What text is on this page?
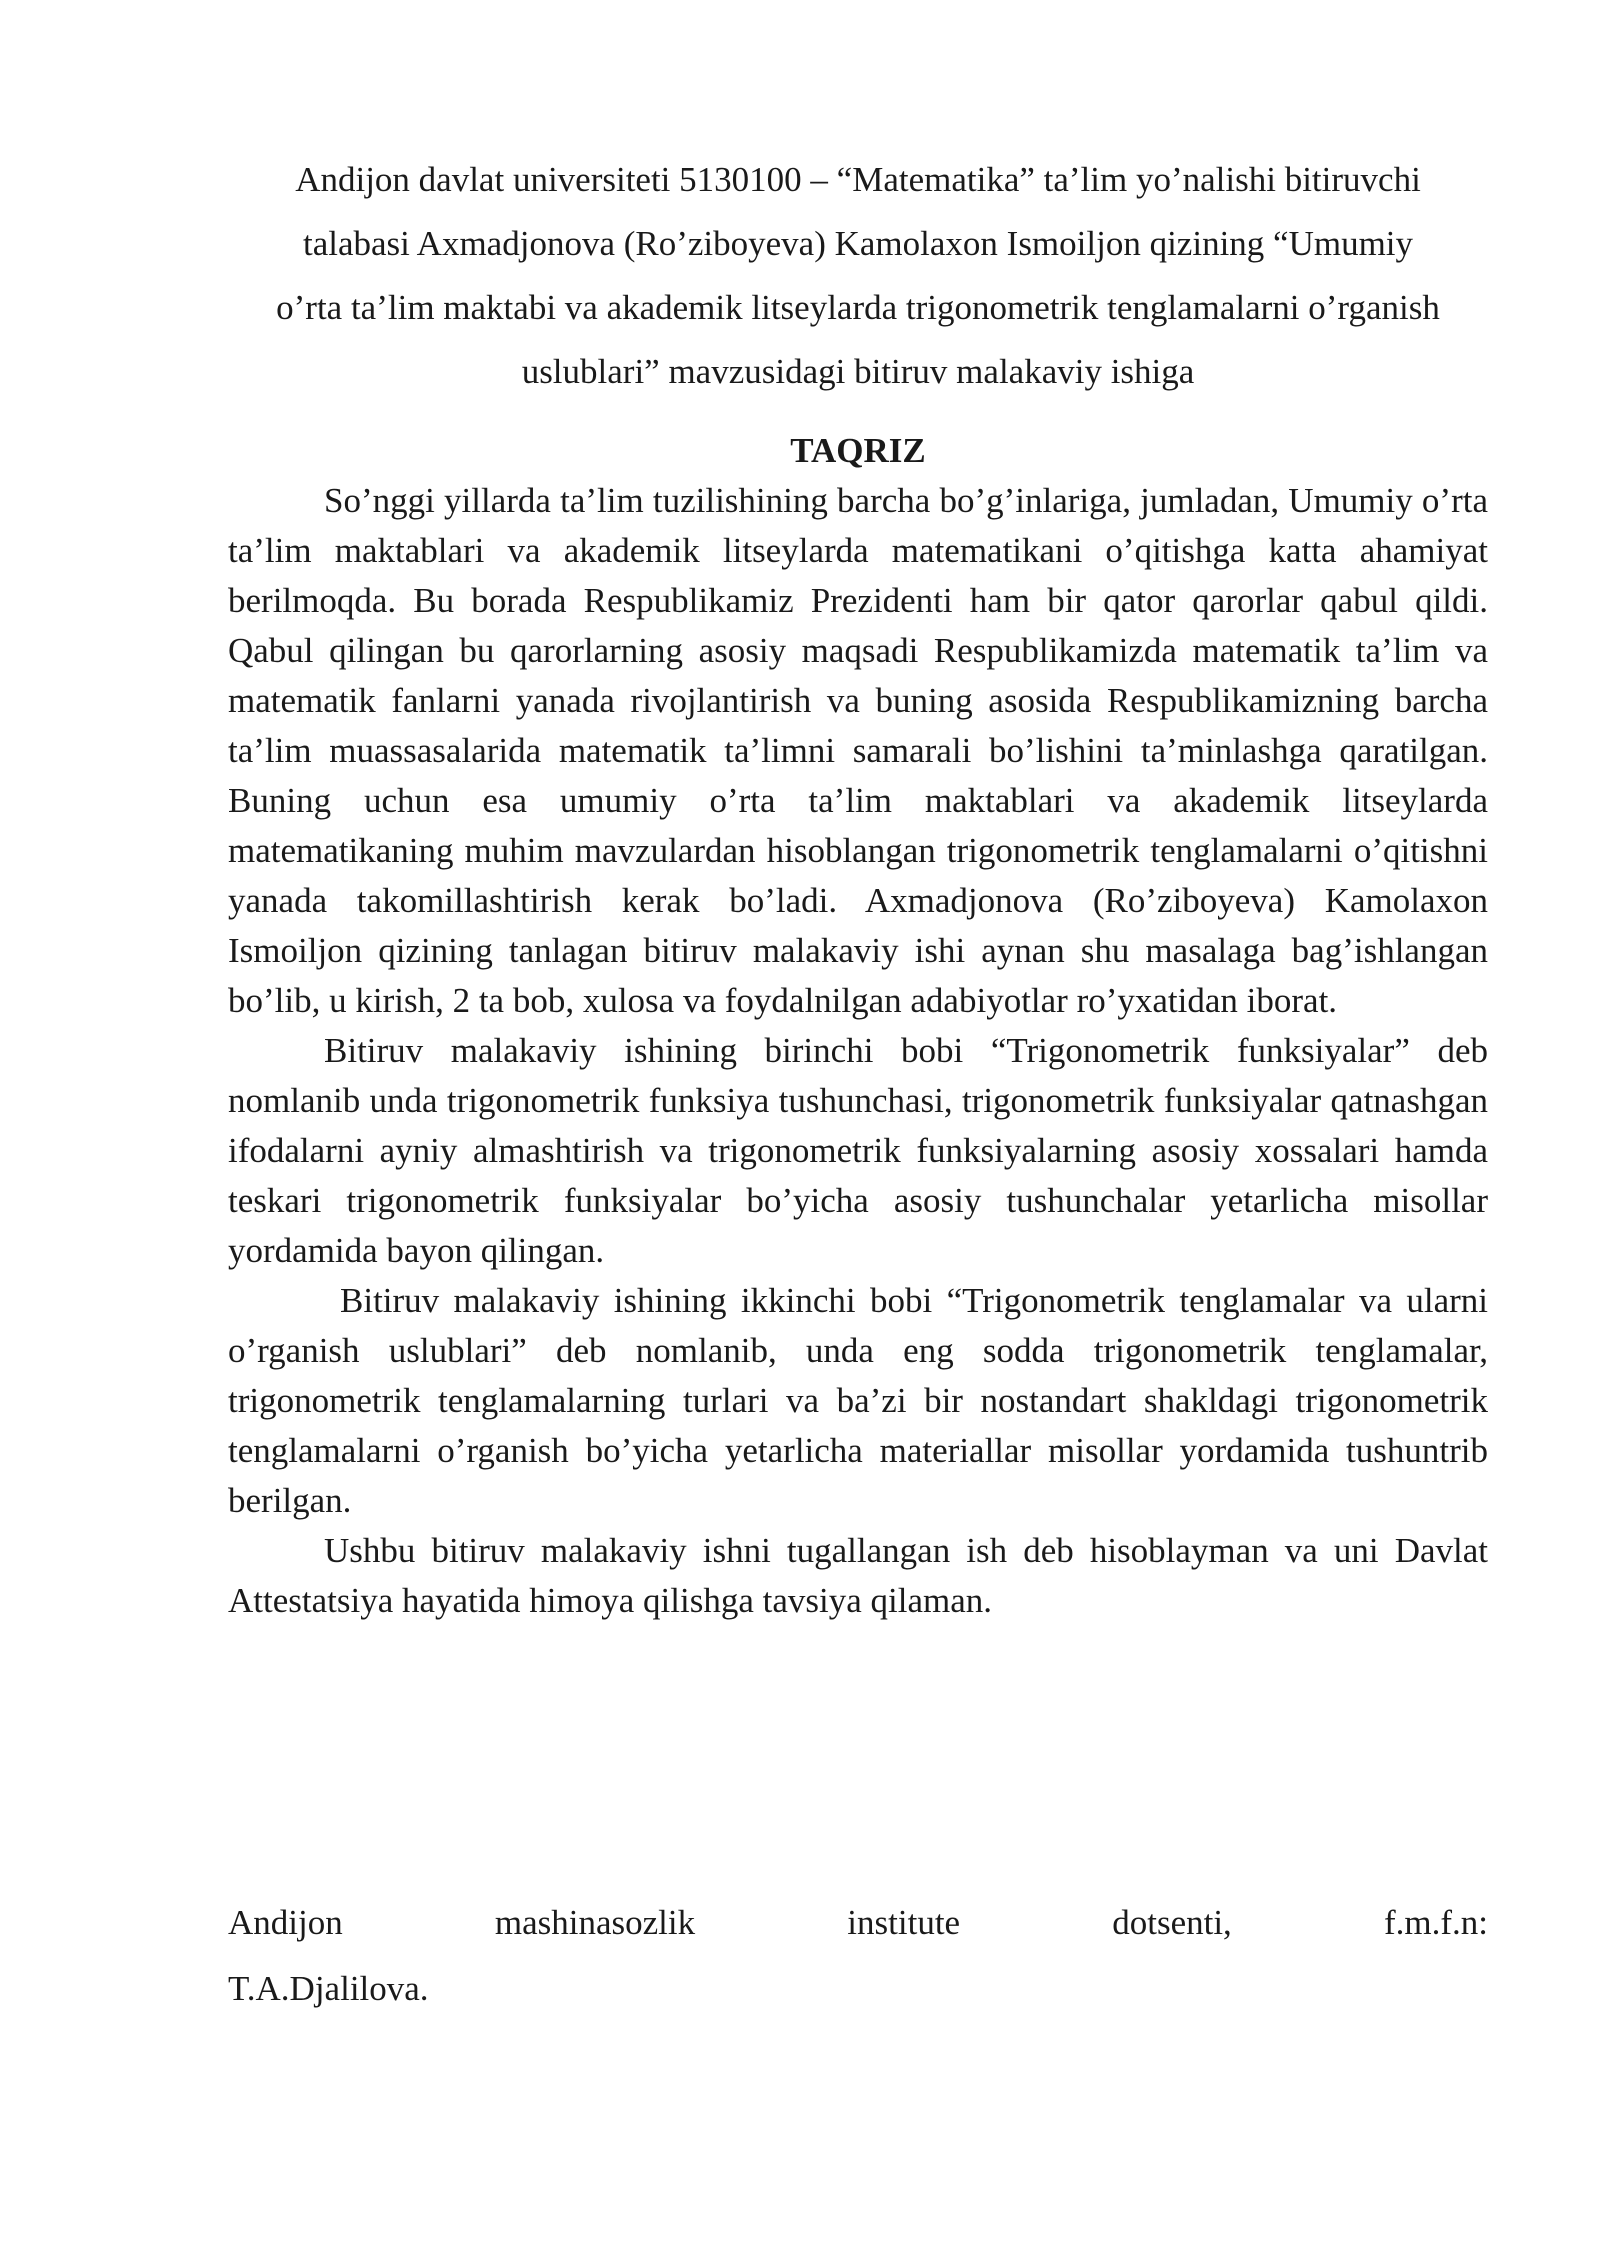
Andijon davlat universiteti 5130100 – “Matematika” ta’lim yo’nalishi bitiruvchi
talabasi Axmadjonova (Ro’ziboyeva) Kamolaxon Ismoiljon qizining “Umumiy
o’rta ta’lim maktabi va akademik litseylarda trigonometrik tenglamalarni o’rganish
uslublari” mavzusidagi bitiruv malakaviy ishiga

TAQRIZ

So’nggi yillarda ta’lim tuzilishining barcha bo’g’inlariga, jumladan, Umumiy o’rta ta’lim maktablari va akademik litseylarda matematikani o’qitishga katta ahamiyat berilmoqda. Bu borada Respublikamiz Prezidenti ham bir qator qarorlar qabul qildi. Qabul qilingan bu qarorlarning asosiy maqsadi Respublikamizda matematik ta’lim va matematik fanlarni yanada rivojlantirish va buning asosida Respublikamizning barcha ta’lim muassasalarida matematik ta’limni samarali bo’lishini ta’minlashga qaratilgan. Buning uchun esa umumiy o’rta ta’lim maktablari va akademik litseylarda matematikaning muhim mavzulardan hisoblangan trigonometrik tenglamalarni o’qitishni yanada takomillashtirish kerak bo’ladi. Axmadjonova (Ro’ziboyeva) Kamolaxon Ismoiljon qizining tanlagan bitiruv malakaviy ishi aynan shu masalaga bag’ishlangan bo’lib, u kirish, 2 ta bob, xulosa va foydalnilgan adabiyotlar ro’yxatidan iborat.

Bitiruv malakaviy ishining birinchi bobi “Trigonometrik funksiyalar” deb nomlanib unda trigonometrik funksiya tushunchasi, trigonometrik funksiyalar qatnashgan ifodalarni ayniy almashtirish va trigonometrik funksiyalarning asosiy xossalari hamda teskari trigonometrik funksiyalar bo’yicha asosiy tushunchalar yetarlicha misollar yordamida bayon qilingan.

Bitiruv malakaviy ishining ikkinchi bobi “Trigonometrik tenglamalar va ularni o’rganish uslublari” deb nomlanib, unda eng sodda trigonometrik tenglamalar, trigonometrik tenglamalarning turlari va ba’zi bir nostandart shakldagi trigonometrik tenglamalarni o’rganish bo’yicha yetarlicha materiallar misollar yordamida tushuntrib berilgan.

Ushbu bitiruv malakaviy ishni tugallangan ish deb hisoblayman va uni Davlat Attestatsiya hayatida himoya qilishga tavsiya qilaman.

Andijon	mashinasozlik	institute	dotsenti,	f.m.f.n:
T.A.Djalilova.
